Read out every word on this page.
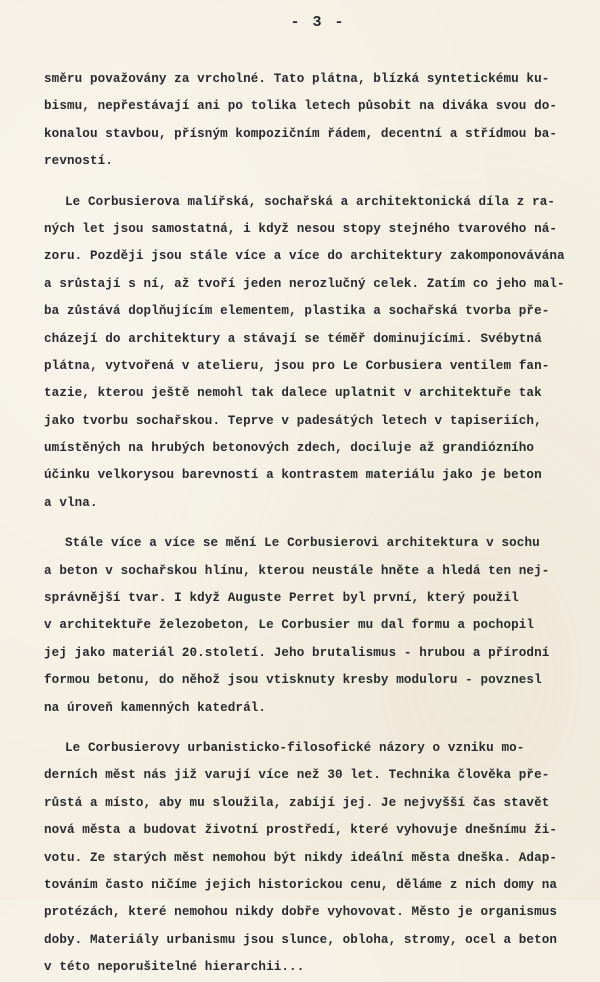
- 3 -
směru považovány za vrcholné. Tato plátna, blízká syntetickému ku-
bismu, nepřestávají ani po tolika letech působit na diváka svou do-
konalou stavbou, přísným kompozičním řádem, decentní a střídmou ba-
revností.
Le Corbusierova malířská, sochařská a architektonická díla z ra-
ných let jsou samostatná, i když nesou stopy stejného tvarového ná-
zoru. Později jsou stále více a více do architektury zakomponovávána
a srůstají s ní, až tvoří jeden nerozlučný celek. Zatím co jeho mal-
ba zůstává doplňujícím elementem, plastika a sochařská tvorba pře-
cházejí do architektury a stávají se téměř dominujícími. Svébytná
plátna, vytvořená v atelieru, jsou pro Le Corbusiera ventilem fan-
tazie, kterou ještě nemohl tak dalece uplatnit v architektuře tak
jako tvorbu sochařskou. Teprve v padesátých letech v tapiseriích,
umístěných na hrubých betonových zdech, dociluje až grandiózního
účinku velkorysou barevností a kontrastem materiálu jako je beton
a vlna.
Stále více a více se mění Le Corbusierovi architektura v sochu
a beton v sochařskou hlínu, kterou neustále hněte a hledá ten nej-
správnější tvar. I když Auguste Perret byl první, který použil
v architektuře železobeton, Le Corbusier mu dal formu a pochopil
jej jako materiál 20.století. Jeho brutalismus - hrubou a přírodní
formou betonu, do něhož jsou vtisknuty kresby moduloru - povznesl
na úroveň kamenných katedrál.
Le Corbusierovy urbanisticko-filosofické názory o vzniku mo-
derních měst nás již varují více než 30 let. Technika člověka pře-
růstá a místo, aby mu sloužila, zabíjí jej. Je nejvyšší čas stavět
nová města a budovat životní prostředí, které vyhovuje dnešnímu ži-
votu. Ze starých měst nemohou být nikdy ideální města dneška. Adap-
továním často ničíme jejich historickou cenu, děláme z nich domy na
protézách, které nemohou nikdy dobře vyhovovat. Město je organismus
doby. Materiály urbanismu jsou slunce, obloha, stromy, ocel a beton
v této neporušitelné hierarchii...
